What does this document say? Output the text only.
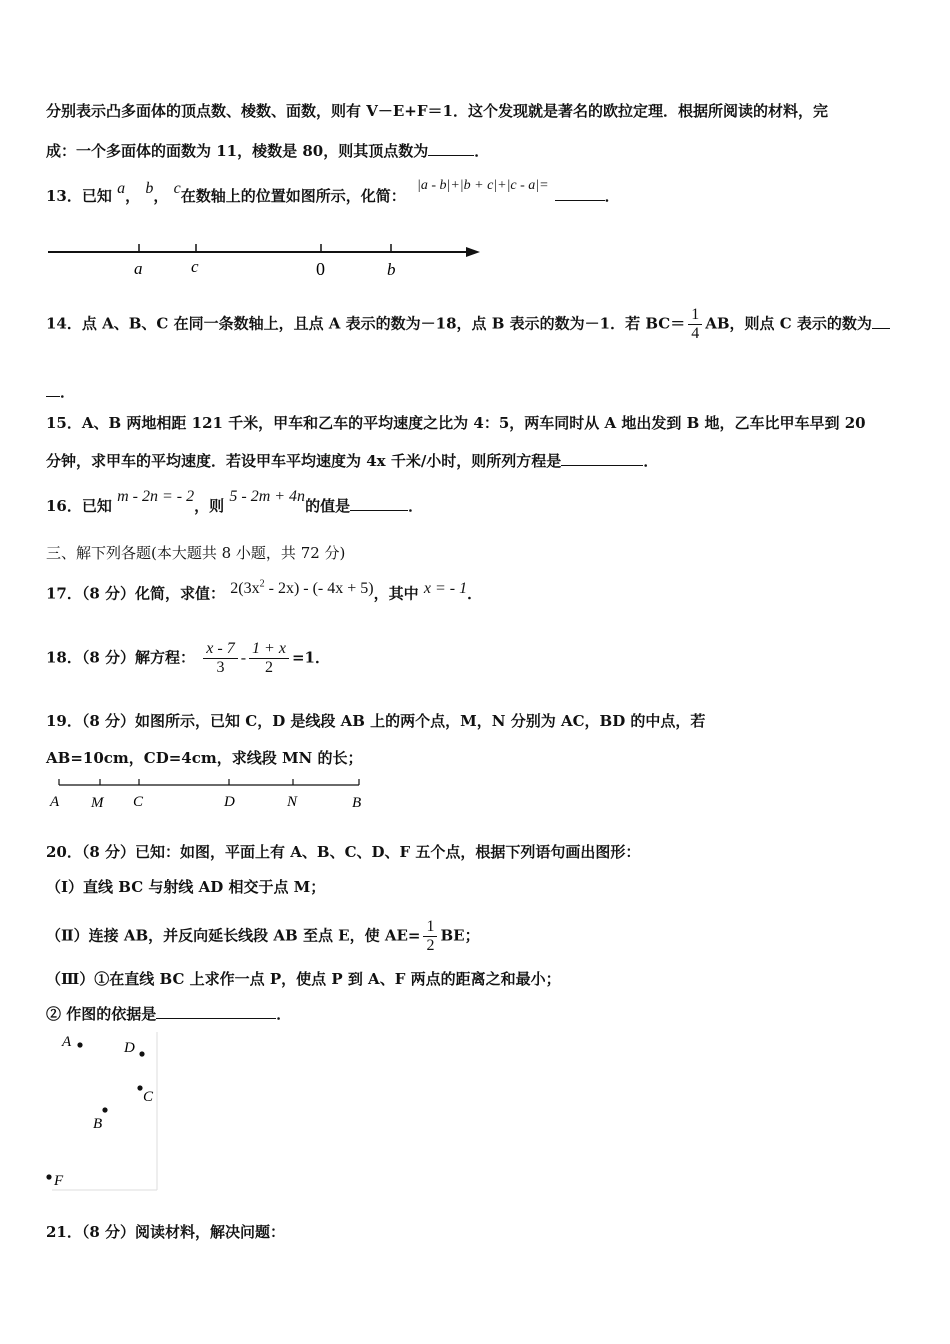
分别表示凸多面体的顶点数、棱数、面数，则有 V－E+F＝1．这个发现就是著名的欧拉定理．根据所阅读的材料，完
成：一个多面体的面数为 11，棱数是 80，则其顶点数为	．
13．已知 a， b， c在数轴上的位置如图所示，化简： |a - b|+|b + c|+|c - a|=．
a	c	0	b
14．点 A、B、C 在同一条数轴上，且点 A 表示的数为－18，点 B 表示的数为－1．若 $BC= \frac{1}{4}$ AB，则点 C 表示的数为
．
15．A、B 两地相距 121 千米，甲车和乙车的平均速度之比为 4：5，两车同时从 A 地出发到 B 地，乙车比甲车早到 20
分钟，求甲车的平均速度．若设甲车平均速度为 4x 千米/小时，则所列方程是	．
16．已知 m - 2n = - 2，则 5 - 2m + 4n的值是	．
三、解下列各题(本大题共 8 小题，共 72 分)
17．（8 分）化简，求值： $2(3x^2 - 2x)$ - (- 4x + 5)，其中 x = - 1．
18．（8 分）解方程： $\frac{x - 7}{3} - \frac{1 + x}{2} =1$．
19．（8 分）如图所示，已知 C，D 是线段 AB 上的两个点，M，N 分别为 AC，BD 的中点，若
AB=10cm，CD=4cm，求线段 MN 的长；
A M C	D	N	B
20．（8 分）已知：如图，平面上有 A、B、C、D、F 五个点，根据下列语句画出图形：
（Ⅰ）直线 BC 与射线 AD 相交于点 M；
（Ⅱ）连接 AB，并反向延长线段 AB 至点 E，使 $AE= \frac{1}{2}$ BE；
（Ⅲ）①在直线 BC 上求作一点 P，使点 P 到 A、F 两点的距离之和最小；
② 作图的依据是	．
A	D
C
B
F
21．（8 分）阅读材料，解决问题：
